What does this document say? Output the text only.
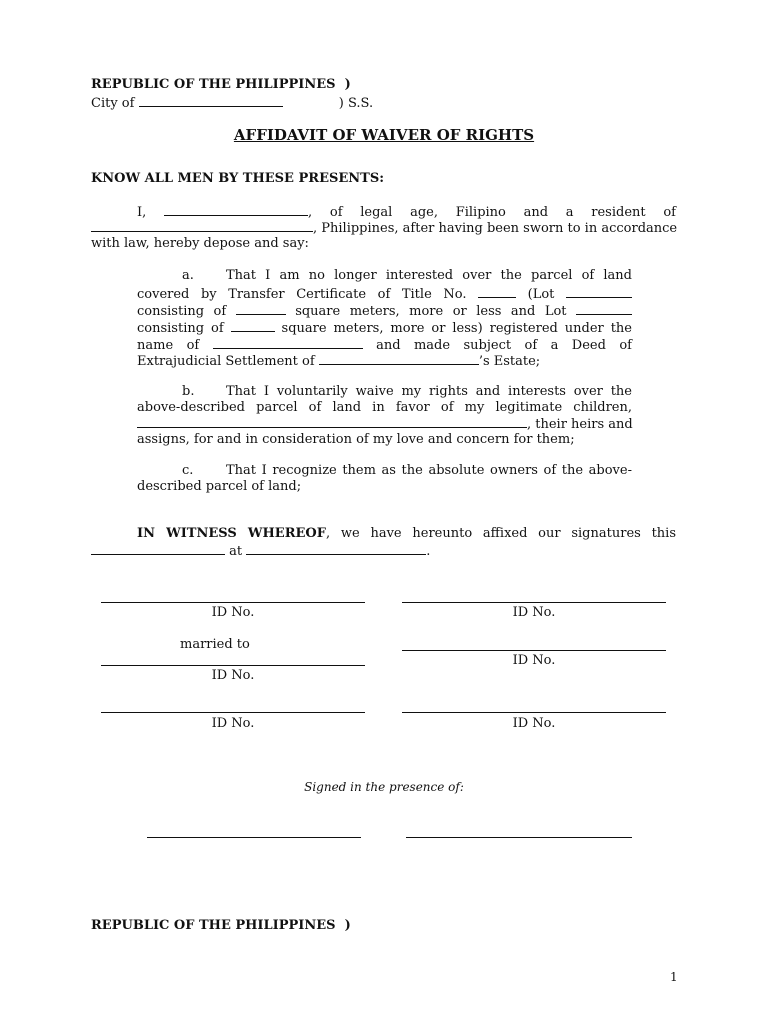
REPUBLIC OF THE PHILIPPINES )
City of	) S.S.
AFFIDAVIT OF WAIVER OF RIGHTS
KNOW ALL MEN BY THESE PRESENTS:
I,	, of legal age, Filipino and a resident of
, Philippines, after having been sworn to in accordance
with law, hereby depose and say:
a. That I am no longer interested over the parcel of land
covered by Transfer Certificate of Title No.	(Lot
consisting of	square meters, more or less and Lot
consisting of	square meters, more or less) registered under the
name of	and made subject of a Deed of
Extrajudicial Settlement of	’s Estate;
b. That I voluntarily waive my rights and interests over the
above-described parcel of land in favor of my legitimate children,
, their heirs and
assigns, for and in consideration of my love and concern for them;
c.	That I recognize them as the absolute owners of the above-
described parcel of land;
IN WITNESS WHEREOF, we have hereunto affixed our signatures this
at	.
ID No.	ID No.
married to
ID No.
ID No.
ID No.	ID No.
Signed in the presence of:
REPUBLIC OF THE PHILIPPINES )
1
